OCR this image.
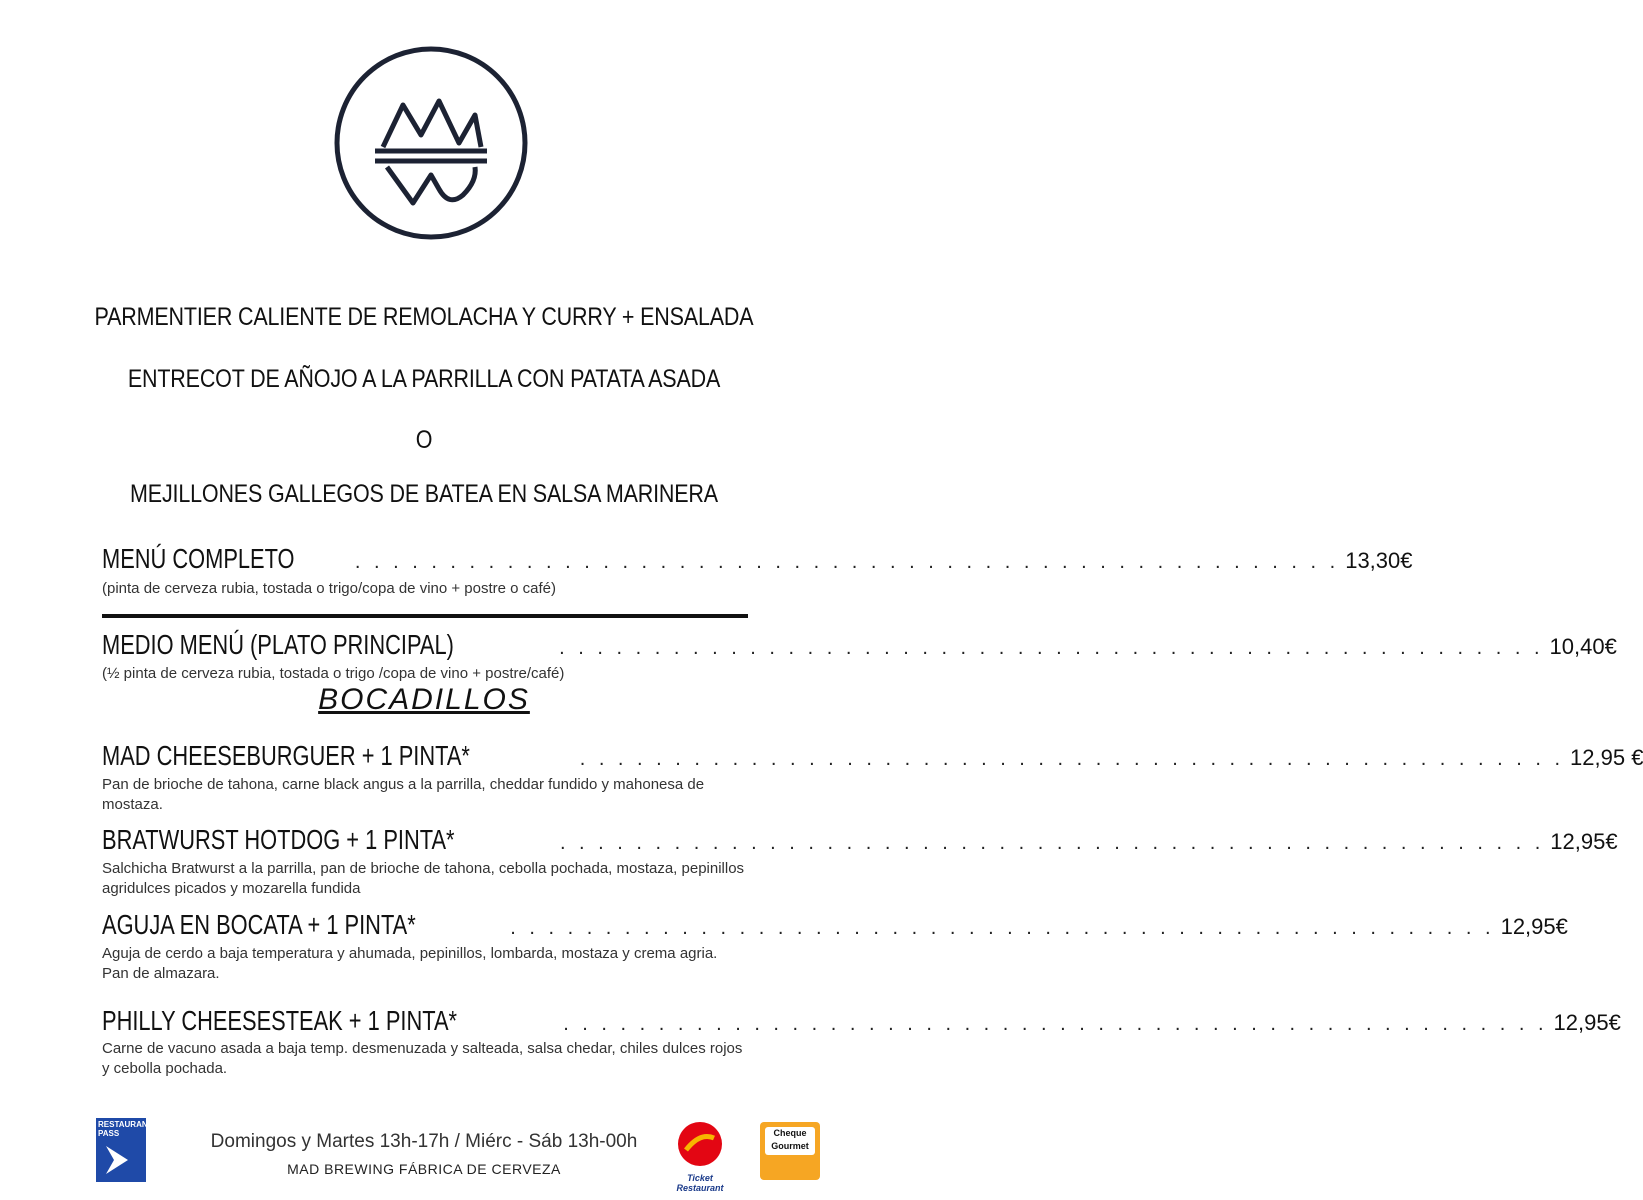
PARMENTIER CALIENTE DE REMOLACHA Y CURRY + ENSALADA
ENTRECOT DE AÑOJO A LA PARRILLA CON PATATA ASADA
O
MEJILLONES GALLEGOS DE BATEA EN SALSA MARINERA
MENÚ COMPLETO	. . . . . . . . . . . . . . . . . . . . . . . . . . . . . . . . . . . . . . . . . . . . . . . . . . . . 13,30€
(pinta de cerveza rubia, tostada o trigo/copa de vino + postre o café)
MEDIO MENÚ (PLATO PRINCIPAL)	. . . . . . . . . . . . . . . . . . . . . . . . . . . . . . . . . . . . . . . . . . . . . . . . . . . . 10,40€
(½ pinta de cerveza rubia, tostada o trigo /copa de vino + postre/café)
BOCADILLOS
MAD CHEESEBURGUER + 1 PINTA*	. . . . . . . . . . . . . . . . . . . . . . . . . . . . . . . . . . . . . . . . . . . . . . . . . . . . 12,95 €
Pan de brioche de tahona, carne black angus a la parrilla, cheddar fundido y mahonesa de mostaza.
BRATWURST HOTDOG + 1 PINTA*	. . . . . . . . . . . . . . . . . . . . . . . . . . . . . . . . . . . . . . . . . . . . . . . . . . . . 12,95€
Salchicha Bratwurst a la parrilla, pan de brioche de tahona, cebolla pochada, mostaza, pepinillos agridulces picados y mozarella fundida
AGUJA EN BOCATA + 1 PINTA*	. . . . . . . . . . . . . . . . . . . . . . . . . . . . . . . . . . . . . . . . . . . . . . . . . . . . 12,95€
Aguja de cerdo a baja temperatura y ahumada, pepinillos, lombarda, mostaza y crema agria. Pan de almazara.
PHILLY CHEESESTEAK + 1 PINTA*	. . . . . . . . . . . . . . . . . . . . . . . . . . . . . . . . . . . . . . . . . . . . . . . . . . . . 12,95€
Carne de vacuno asada a baja temp. desmenuzada y salteada, salsa chedar, chiles dulces rojos y cebolla pochada.
Domingos y Martes 13h-17h / Miérc - Sáb 13h-00h
MAD BREWING FÁBRICA DE CERVEZA
RESTAURANT PASS
Ticket Restaurant
Cheque Gourmet
